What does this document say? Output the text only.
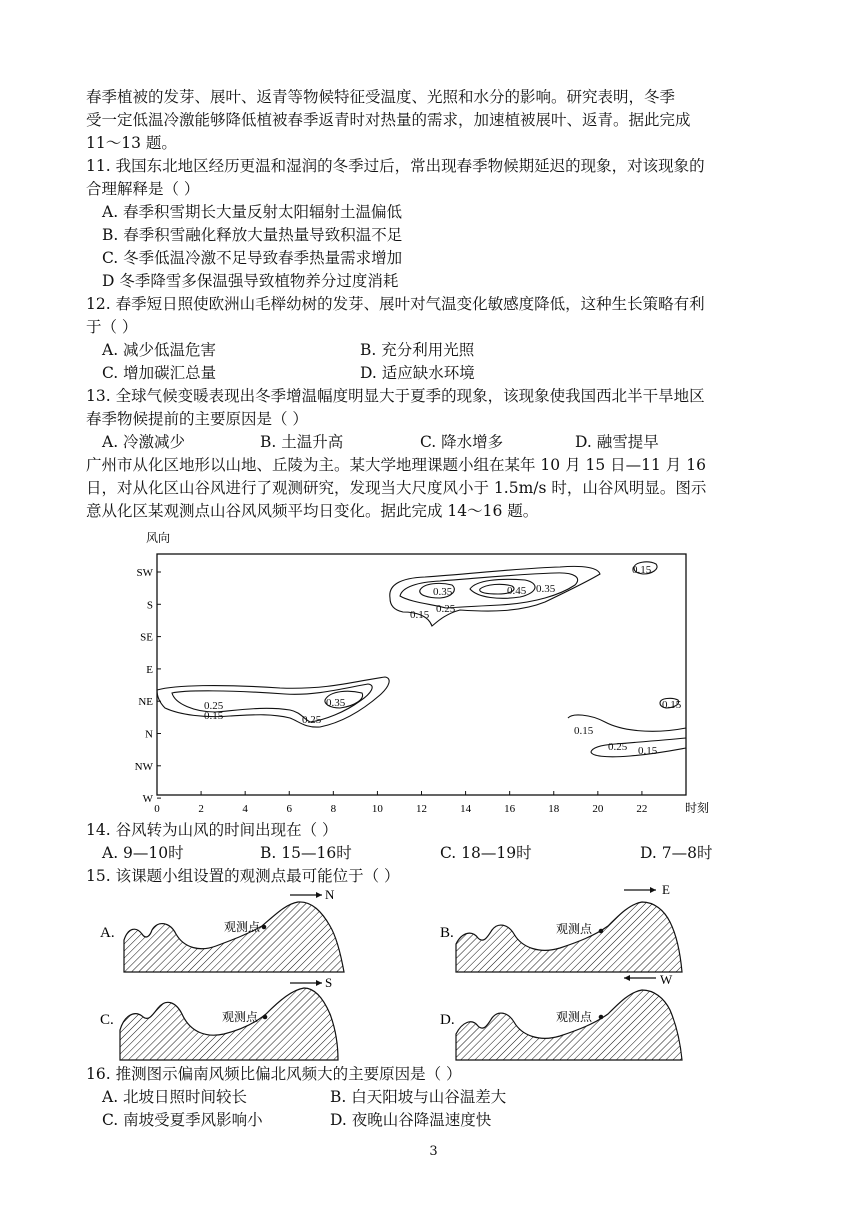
春季植被的发芽、展叶、返青等物候特征受温度、光照和水分的影响。研究表明，冬季
受一定低温冷激能够降低植被春季返青时对热量的需求，加速植被展叶、返青。据此完成
11～13 题。
11. 我国东北地区经历更温和湿润的冬季过后，常出现春季物候期延迟的现象，对该现象的
合理解释是（ ）
A. 春季积雪期长大量反射太阳辐射土温偏低
B. 春季积雪融化释放大量热量导致积温不足
C. 冬季低温冷激不足导致春季热量需求增加
D 冬季降雪多保温强导致植物养分过度消耗
12. 春季短日照使欧洲山毛榉幼树的发芽、展叶对气温变化敏感度降低，这种生长策略有利
于（ ）
A. 减少低温危害	B. 充分利用光照
C. 增加碳汇总量	D. 适应缺水环境
13. 全球气候变暖表现出冬季增温幅度明显大于夏季的现象，该现象使我国西北半干旱地区
春季物候提前的主要原因是（ ）
A. 冷激减少	B. 土温升高	C. 降水增多	D. 融雪提早
广州市从化区地形以山地、丘陵为主。某大学地理课题小组在某年 10 月 15 日—11 月 16
日，对从化区山谷风进行了观测研究，发现当大尺度风小于 1.5m/s 时，山谷风明显。图示
意从化区某观测点山谷风风频平均日变化。据此完成 14～16 题。
风向
SW
S
SE
E
NE
N
NW
W
0	2	4	6	8	10	12	14	16	18	20	22	时刻
0.35	0.45 0.35
0.25
0.15
0.15
0.25
0.15
0.35
0.25
0.15
0.15
0.25 0.15
14. 谷风转为山风的时间出现在（ ）
A. 9—10时	B. 15—16时	C. 18—19时	D. 7—8时
15. 该课题小组设置的观测点最可能位于（ ）
A.
N
观测点	B.
E
观测点
C.
S
观测点	D.
W
观测点
16. 推测图示偏南风频比偏北风频大的主要原因是（ ）
A. 北坡日照时间较长	B. 白天阳坡与山谷温差大
C. 南坡受夏季风影响小	D. 夜晚山谷降温速度快
3
